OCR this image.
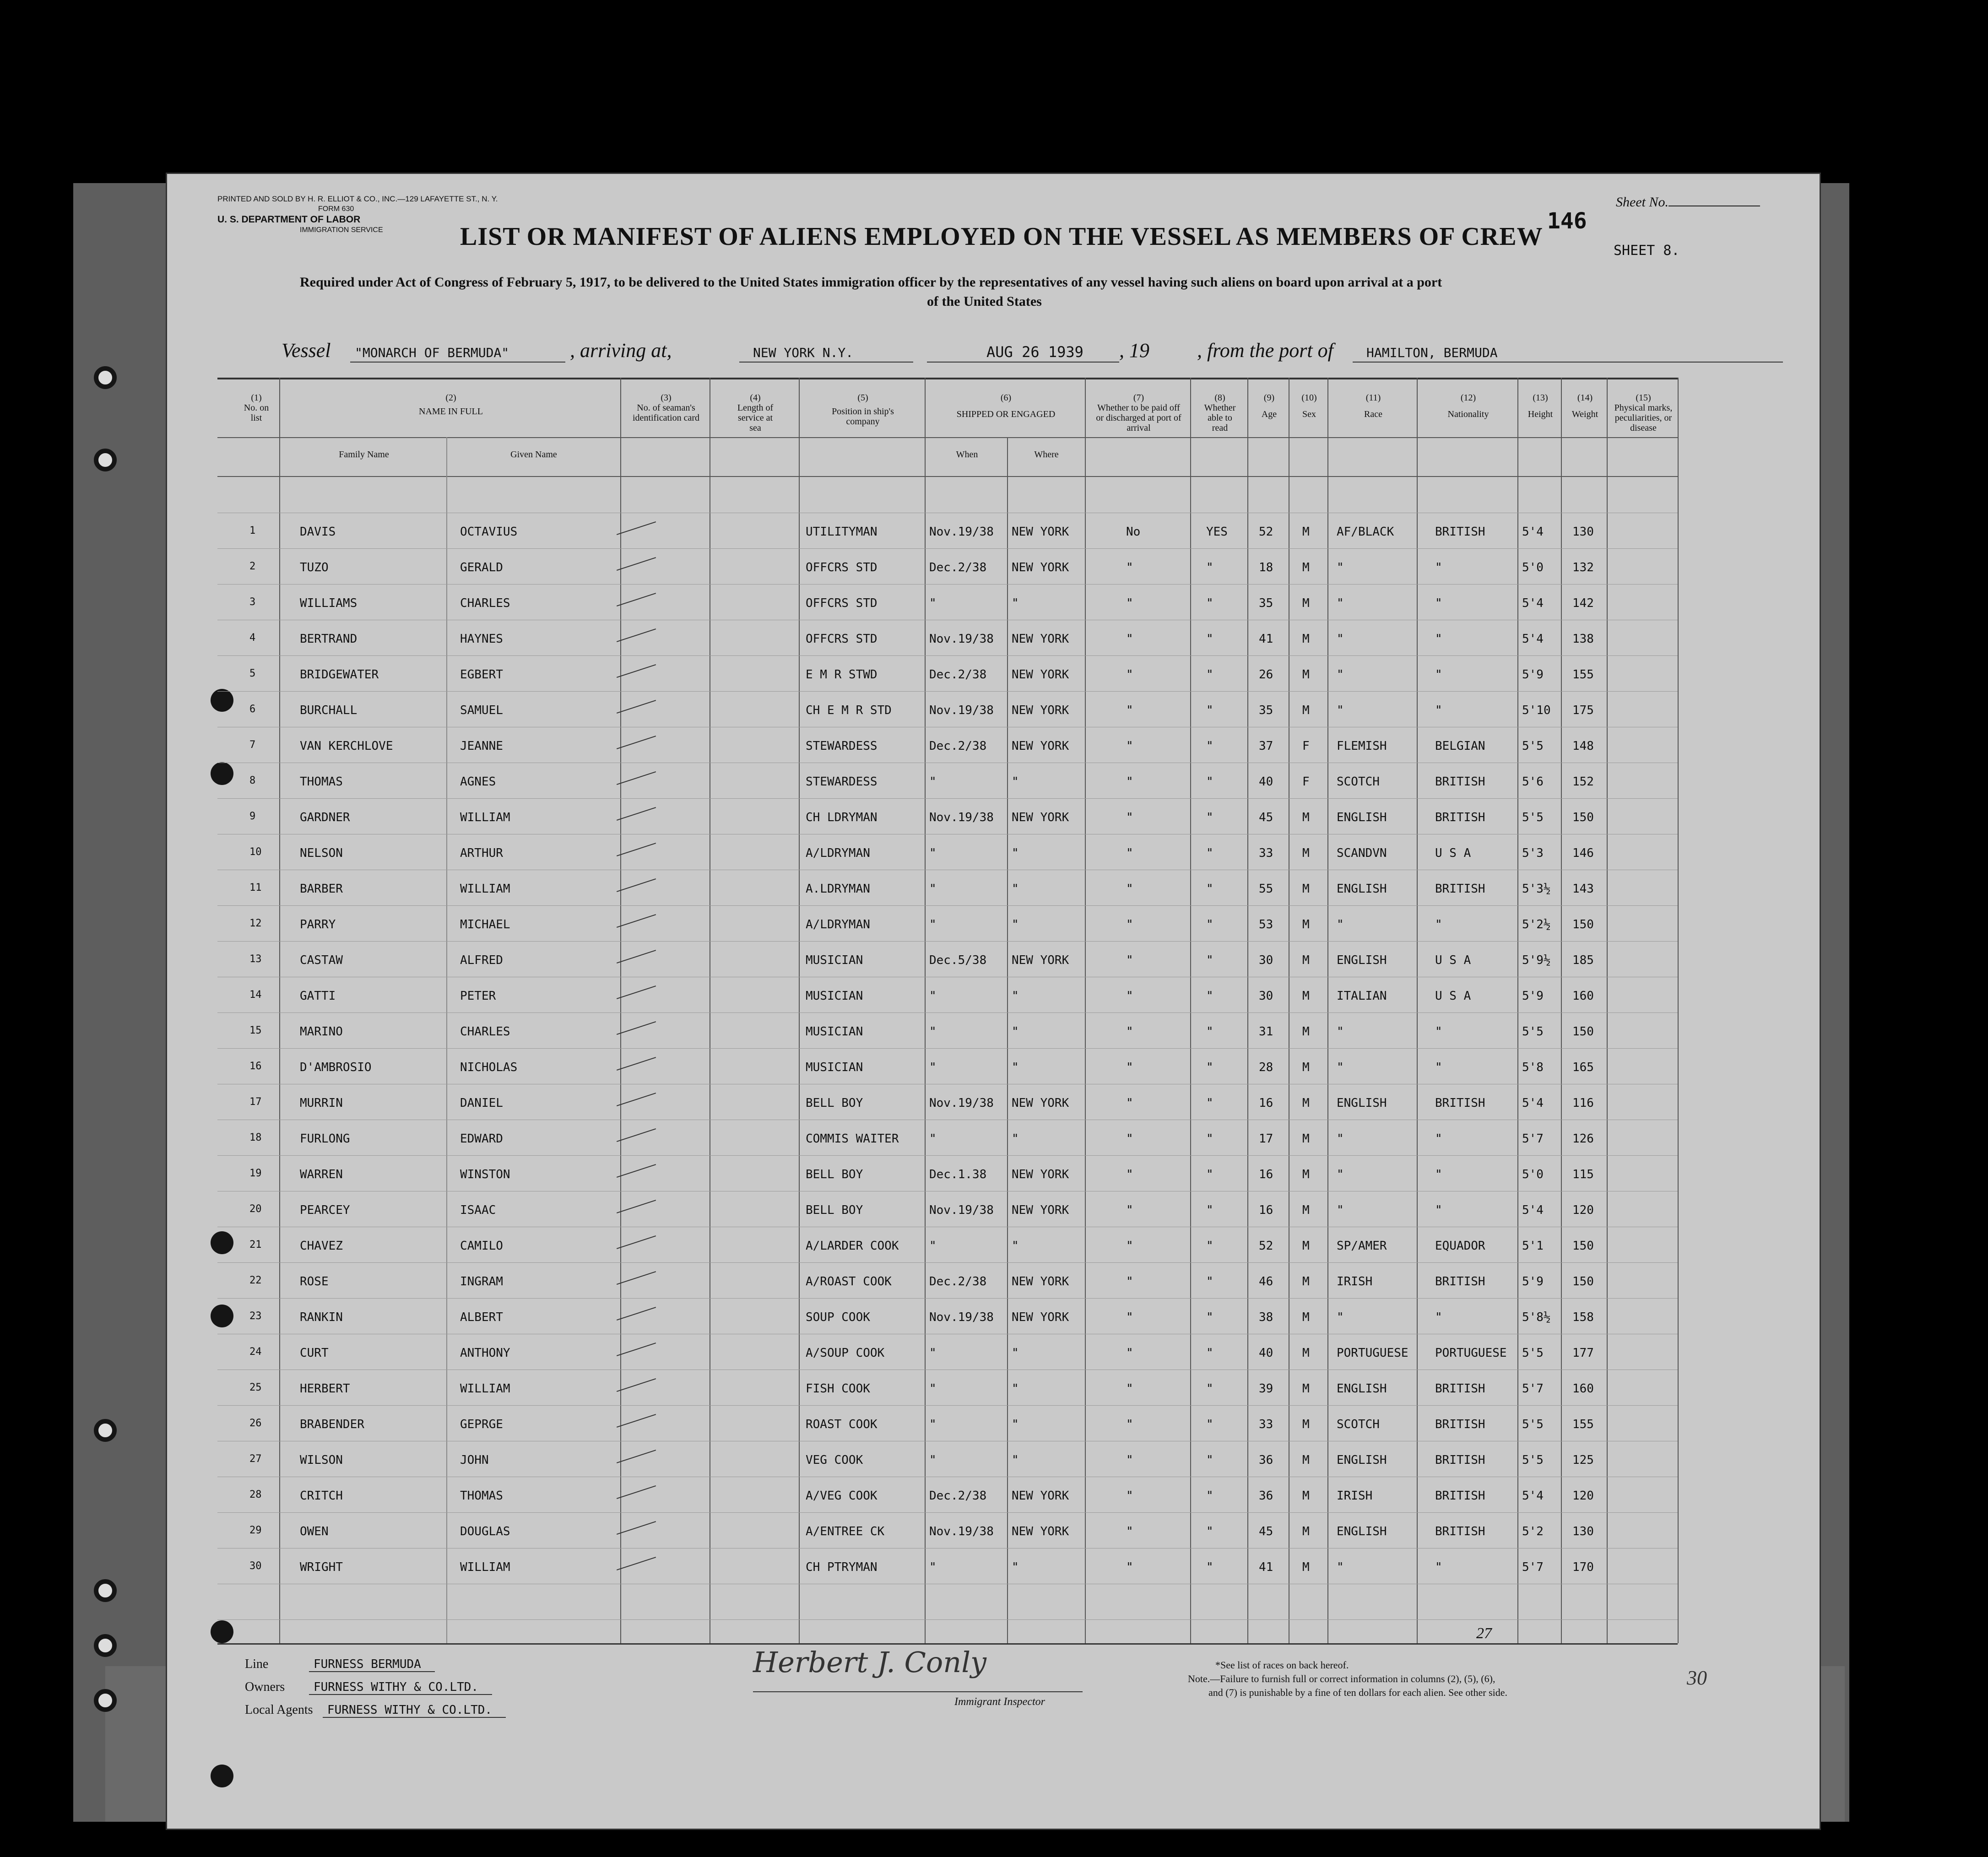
PRINTED AND SOLD BY H. R. ELLIOT & CO., INC.—129 LAFAYETTE ST., N. Y.
FORM 630
U. S. DEPARTMENT OF LABOR
IMMIGRATION SERVICE	LIST OR MANIFEST OF ALIENS EMPLOYED ON THE VESSEL AS MEMBERS OF CREW
Sheet No.
146
SHEET 8.
Required under Act of Congress of February 5, 1917, to be delivered to the United States immigration officer by the representatives of any vessel having such aliens on board upon arrival at a port
of the United States
Vessel "MONARCH OF BERMUDA"	, arriving at,	NEW YORK N.Y.	AUG 26 1939 , 19 , from the port of	HAMILTON, BERMUDA
(1)
No. on list
(2)
NAME IN FULL
Family Name	Given Name
(3)
No. of seaman's identification card
(4)
Length of service at sea
(5)
Position in ship's company
(6)
SHIPPED OR ENGAGED
When	Where
(7)
Whether to be paid off or discharged at port of arrival
(8)
Whether able to read
(9)
Age
(10)
Sex
(11)
Race
(12)
Nationality
(13)
Height
(14)
Weight
(15)
Physical marks, peculiarities, or disease
1	DAVIS	OCTAVIUS	UTILITYMAN	Nov.19/38 NEW YORK	No	YES	52 M AF/BLACK	BRITISH	5'4 130
2	TUZO	GERALD	OFFCRS STD	Dec.2/38 NEW YORK	"	"	18 M "	"	5'0 132
3	WILLIAMS	CHARLES	OFFCRS STD	"	"	"	"	35 M "	"	5'4 142
4	BERTRAND	HAYNES	OFFCRS STD	Nov.19/38 NEW YORK	"	"	41 M "	"	5'4 138
5	BRIDGEWATER	EGBERT	E M R STWD	Dec.2/38 NEW YORK	"	"	26 M "	"	5'9 155
6	BURCHALL	SAMUEL	CH E M R STD	Nov.19/38 NEW YORK	"	"	35 M "	"	5'10 175
7	VAN KERCHLOVE	JEANNE	STEWARDESS	Dec.2/38 NEW YORK	"	"	37 F FLEMISH	BELGIAN	5'5 148
8	THOMAS	AGNES	STEWARDESS	"	"	"	"	40 F SCOTCH	BRITISH	5'6 152
9	GARDNER	WILLIAM	CH LDRYMAN	Nov.19/38 NEW YORK	"	"	45 M ENGLISH	BRITISH	5'5 150
10	NELSON	ARTHUR	A/LDRYMAN	"	"	"	"	33 M SCANDVN	U S A	5'3 146
11	BARBER	WILLIAM	A.LDRYMAN	"	"	"	"	55 M ENGLISH	BRITISH	5'3½ 143
12	PARRY	MICHAEL	A/LDRYMAN	"	"	"	"	53 M "	"	5'2½ 150
13	CASTAW	ALFRED	MUSICIAN	Dec.5/38 NEW YORK	"	"	30 M ENGLISH	U S A	5'9½ 185
14	GATTI	PETER	MUSICIAN	"	"	"	"	30 M ITALIAN	U S A	5'9 160
15	MARINO	CHARLES	MUSICIAN	"	"	"	"	31 M "	"	5'5 150
16	D'AMBROSIO	NICHOLAS	MUSICIAN	"	"	"	"	28 M "	"	5'8 165
17	MURRIN	DANIEL	BELL BOY	Nov.19/38 NEW YORK	"	"	16 M ENGLISH	BRITISH	5'4 116
18	FURLONG	EDWARD	COMMIS WAITER	"	"	"	"	17 M "	"	5'7 126
19	WARREN	WINSTON	BELL BOY	Dec.1.38 NEW YORK	"	"	16 M "	"	5'0 115
20	PEARCEY	ISAAC	BELL BOY	Nov.19/38 NEW YORK	"	"	16 M "	"	5'4 120
21	CHAVEZ	CAMILO	A/LARDER COOK	"	"	"	"	52 M SP/AMER	EQUADOR	5'1 150
22	ROSE	INGRAM	A/ROAST COOK	Dec.2/38 NEW YORK	"	"	46 M IRISH	BRITISH	5'9 150
23	RANKIN	ALBERT	SOUP COOK	Nov.19/38 NEW YORK	"	"	38 M "	"	5'8½ 158
24	CURT	ANTHONY	A/SOUP COOK	"	"	"	"	40 M PORTUGUESE PORTUGUESE 5'5 177
25	HERBERT	WILLIAM	FISH COOK	"	"	"	"	39 M ENGLISH	BRITISH	5'7 160
26	BRABENDER	GEPRGE	ROAST COOK	"	"	"	"	33 M SCOTCH	BRITISH	5'5 155
27	WILSON	JOHN	VEG COOK	"	"	"	"	36 M ENGLISH	BRITISH	5'5 125
28	CRITCH	THOMAS	A/VEG COOK	Dec.2/38 NEW YORK	"	"	36 M IRISH	BRITISH	5'4 120
29	OWEN	DOUGLAS	A/ENTREE CK	Nov.19/38 NEW YORK	"	"	45 M ENGLISH	BRITISH	5'2 130
30	WRIGHT	WILLIAM	CH PTRYMAN	"	"	"	"	41 M "	"	5'7 170
27
Line	FURNESS BERMUDA
Owners FURNESS WITHY & CO.LTD.
Local Agents FURNESS WITHY & CO.LTD.
Herbert J. Conly
Immigrant Inspector
*See list of races on back hereof.
Note.—Failure to furnish full or correct information in columns (2), (5), (6),
and (7) is punishable by a fine of ten dollars for each alien. See other side.
30
